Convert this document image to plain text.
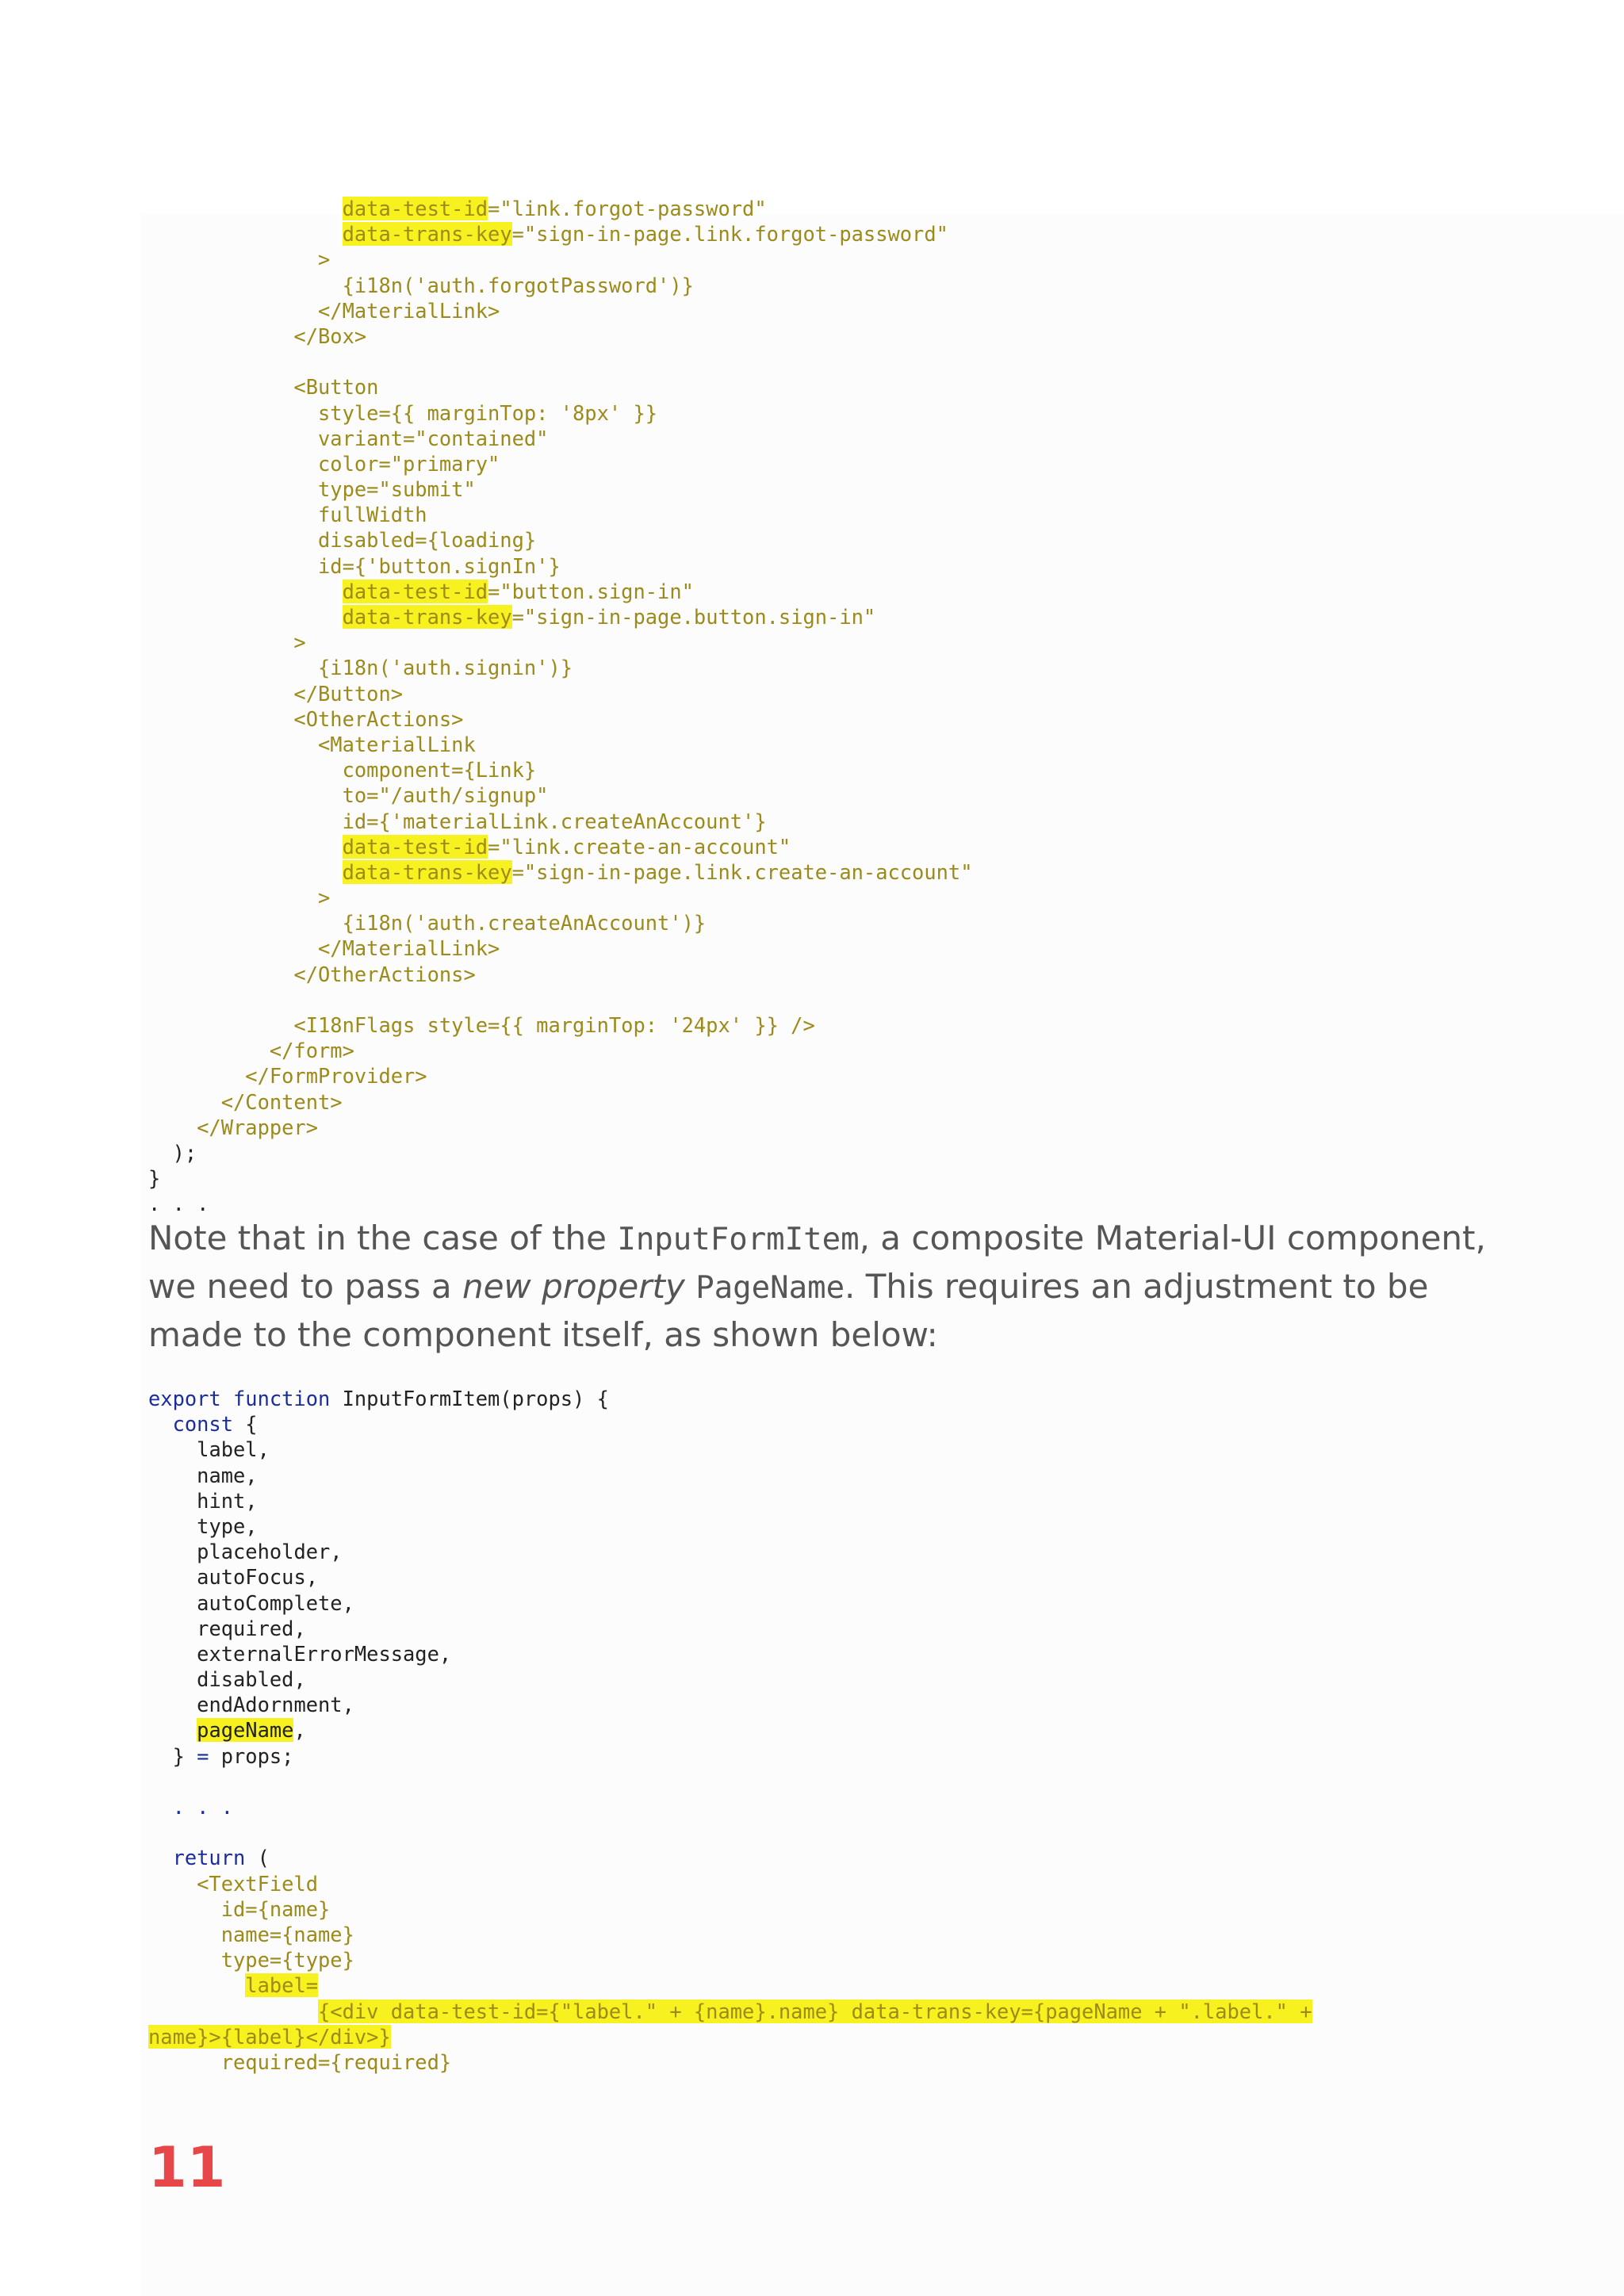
data-test-id="link.forgot-password"
data-trans-key="sign-in-page.link.forgot-password"
>
{i18n('auth.forgotPassword')}
</MaterialLink>
</Box>
<Button
style={{ marginTop: '8px' }}
variant="contained"
color="primary"
type="submit"
fullWidth
disabled={loading}
id={'button.signIn'}
data-test-id="button.sign-in"
data-trans-key="sign-in-page.button.sign-in"
>
{i18n('auth.signin')}
</Button>
<OtherActions>
<MaterialLink
component={Link}
to="/auth/signup"
id={'materialLink.createAnAccount'}
data-test-id="link.create-an-account"
data-trans-key="sign-in-page.link.create-an-account"
>
{i18n('auth.createAnAccount')}
</MaterialLink>
</OtherActions>
<I18nFlags style={{ marginTop: '24px' }} />
</form>
</FormProvider>
</Content>
</Wrapper>
);
}
. . .
Note that in the case of the InputFormItem, a composite Material-UI component, we need to pass a new property PageName. This requires an adjustment to be made to the component itself, as shown below:
export function InputFormItem(props) {
const {
label,
name,
hint,
type,
placeholder,
autoFocus,
autoComplete,
required,
externalErrorMessage,
disabled,
endAdornment,
pageName,
} = props;
. . .
return (
<TextField
id={name}
name={name}
type={type}
label=
{<div data-test-id={"label." + {name}.name} data-trans-key={pageName + ".label." +
name}>{label}</div>}
required={required}
11
